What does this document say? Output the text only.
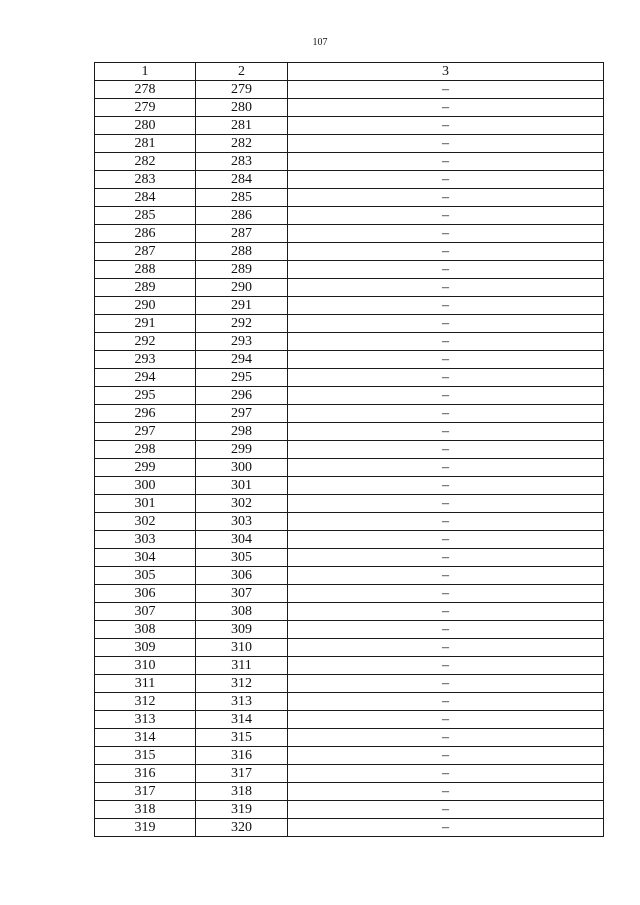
107
1	2	3
278	279	–
279	280	–
280	281	–
281	282	–
282	283	–
283	284	–
284	285	–
285	286	–
286	287	–
287	288	–
288	289	–
289	290	–
290	291	–
291	292	–
292	293	–
293	294	–
294	295	–
295	296	–
296	297	–
297	298	–
298	299	–
299	300	–
300	301	–
301	302	–
302	303	–
303	304	–
304	305	–
305	306	–
306	307	–
307	308	–
308	309	–
309	310	–
310	311	–
311	312	–
312	313	–
313	314	–
314	315	–
315	316	–
316	317	–
317	318	–
318	319	–
319	320	–
